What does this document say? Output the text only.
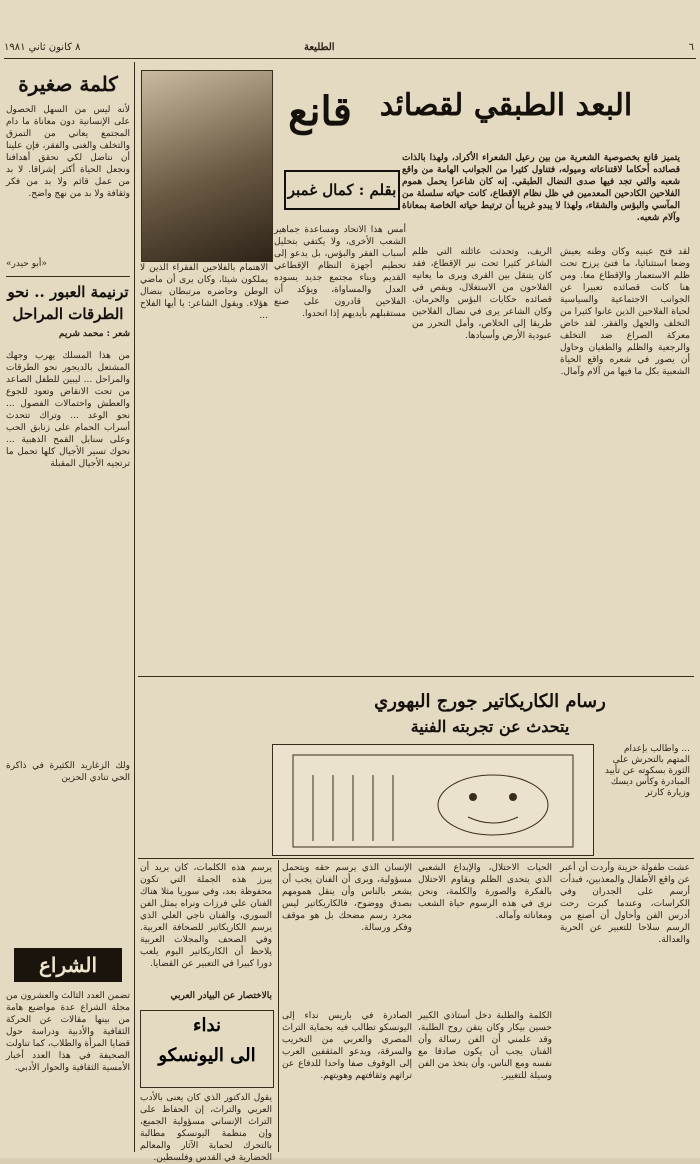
٨ كانون ثاني ١٩٨١	الطليعة	٦
البعد الطبقي لقصائد
قانع
بقلم : كمال غمبر
يتميز قانع بخصوصية الشعرية من بين رعيل الشعراء الأكراد، ولهذا بالذات قصائده أحكاما لاقتناعاته وميوله، فتناول كثيرا من الجوانب الهامة من واقع شعبه والتي تجد فيها صدى النضال الطبقي. إنه كان شاعرا يحمل هموم الفلاحين الكادحين المعدمين في ظل نظام الإقطاع، كانت حياته سلسلة من المآسي والبؤس والشقاء، ولهذا لا يبدو غريبا أن ترتبط حياته الخاصة بمعاناة وآلام شعبه.

لقد فتح عينيه وكان وطنه يعيش وضعا استثنائيا، ما فتئ يرزح تحت ظلم الاستعمار والإقطاع معا. ومن هنا كانت قصائده تعبيرا عن الجوانب الاجتماعية والسياسية لحياة الفلاحين الذين عانوا كثيرا من التخلف والجهل والفقر. لقد خاض معركة الصراع ضد التخلف والرجعية والظلم والطغيان وحاول أن يصور في شعره واقع الحياة الشعبية بكل ما فيها من آلام وآمال.

الريف، وتحدثت عائلته التي ظلم الشاعر كثيرا تحت نير الإقطاع، فقد كان يتنقل بين القرى ويرى ما يعانيه الفلاحون من الاستغلال، ويقص في قصائده حكايات البؤس والحرمان. وكان الشاعر يرى في نضال الفلاحين طريقا إلى الخلاص، وأمل التحرر من عبودية الأرض وأسيادها.

أمس هذا الاتحاد ومساعدة جماهير الشعب الأخرى، ولا يكتفي بتحليل أسباب الفقر والبؤس، بل يدعو إلى تحطيم أجهزة النظام الإقطاعي القديم وبناء مجتمع جديد يسوده العدل والمساواة، ويؤكد أن الفلاحين قادرون على صنع مستقبلهم بأيديهم إذا اتحدوا.

الاهتمام بالفلاحين الفقراء الذين لا يملكون شيئا، وكان يرى أن ماضي الوطن وحاضره مرتبطان بنضال هؤلاء. ويقول الشاعر: يا أيها الفلاح ...

كلمة صغيرة

لأنه ليس من السهل الحصول على الإنسانية دون معاناة ما دام المجتمع يعاني من التمزق والتخلف والغنى والفقر، فإن علينا أن نناضل لكي نحقق أهدافنا ونجعل الحياة أكثر إشراقا. لا بد من عمل قائم ولا بد من فكر وثقافة ولا بد من نهج واضح.

«أبو حيدر»
ترنيمة العبور .. نحو
الطرقات المراحل
شعر : محمد شريم

من هذا المسلك يهرب وجهك المشتعل بالديجور نحو الطرقات والمراحل ... ليبين للطفل الصاعد من تحت الانقاض وتعود للجوع والعطش واحتمالات الفصول ... نحو الوعد ... وتراك تتحدث أسراب الحمام على زنابق الحب وعلى سنابل القمح الذهبية ... نحوك تسير الأجيال كلها تحمل ما ترتجيه الأجيال المقبلة

ولك الزغاريد الكثيرة في ذاكرة الحي تنادي الحزين

الشراع

تضمن العدد الثالث والعشرون من مجلة الشراع عدة مواضيع هامة من بينها مقالات عن الحركة الثقافية والأدبية ودراسة حول قضايا المرأة والطلاب، كما تناولت الصحيفة في هذا العدد أخبار الأمسية الثقافية والحوار الأدبي.

رسام الكاريكاتير جورج البهوري
يتحدث عن تجربته الفنية
... واطالب بإعدام المتهم بالتحرش على الثورة بسكوته عن تأييد المبادرة وكأس ديسك وزيارة كارتر

يرسم هذه الكلمات، كان يريد أن يبرز هذه الجملة التي تكون محفوظة بعد، وفي سوريا مثلا هناك الفنان علي فرزات ونراه يمثل الفن السوري، والفنان ناجي العلي الذي يرسم الكاريكاتير للصحافة العربية. وفي الصحف والمجلات العربية يلاحظ أن الكاريكاتير اليوم يلعب دورا كبيرا في التعبير عن القضايا.

بالاختصار عن البيادر العربي
نداء
الى اليونسكو

يقول الدكتور الذي كان يعنى بالأدب العربي والتراث، إن الحفاظ على التراث الإنساني مسؤولية الجميع، وإن منظمة اليونسكو مطالبة بالتحرك لحماية الآثار والمعالم الحضارية في القدس وفلسطين.

الإنسان الذي يرسم حقه ويتحمل مسؤولية، ويرى أن الفنان يجب أن يشعر بالناس وأن ينقل همومهم بصدق ووضوح، فالكاريكاتير ليس مجرد رسم مضحك بل هو موقف وفكر ورسالة.

الصادرة في باريس نداء إلى اليونسكو تطالب فيه بحماية التراث المصري والعربي من التخريب والسرقة، ويدعو المثقفين العرب إلى الوقوف صفا واحدا للدفاع عن تراثهم وثقافتهم وهويتهم.

الحيات الاحتلال، والإبداع الشعبي الذي يتحدى الظلم ويقاوم الاحتلال بالفكرة والصورة والكلمة، ونحن نرى في هذه الرسوم حياة الشعب ومعاناته وآماله.

الكلمة والطلبة دخل أستاذي الكبير حسين بيكار وكان يتقن روح الطلبة، وقد علمني أن الفن رسالة وأن الفنان يجب أن يكون صادقا مع نفسه ومع الناس، وأن يتخذ من الفن وسيلة للتغيير.

عشت طفولة حزينة وأردت أن أعبر عن واقع الأطفال والمعذبين، فبدأت أرسم على الجدران وفي الكراسات، وعندما كبرت رحت أدرس الفن وأحاول أن أصنع من الرسم سلاحا للتعبير عن الحرية والعدالة.
